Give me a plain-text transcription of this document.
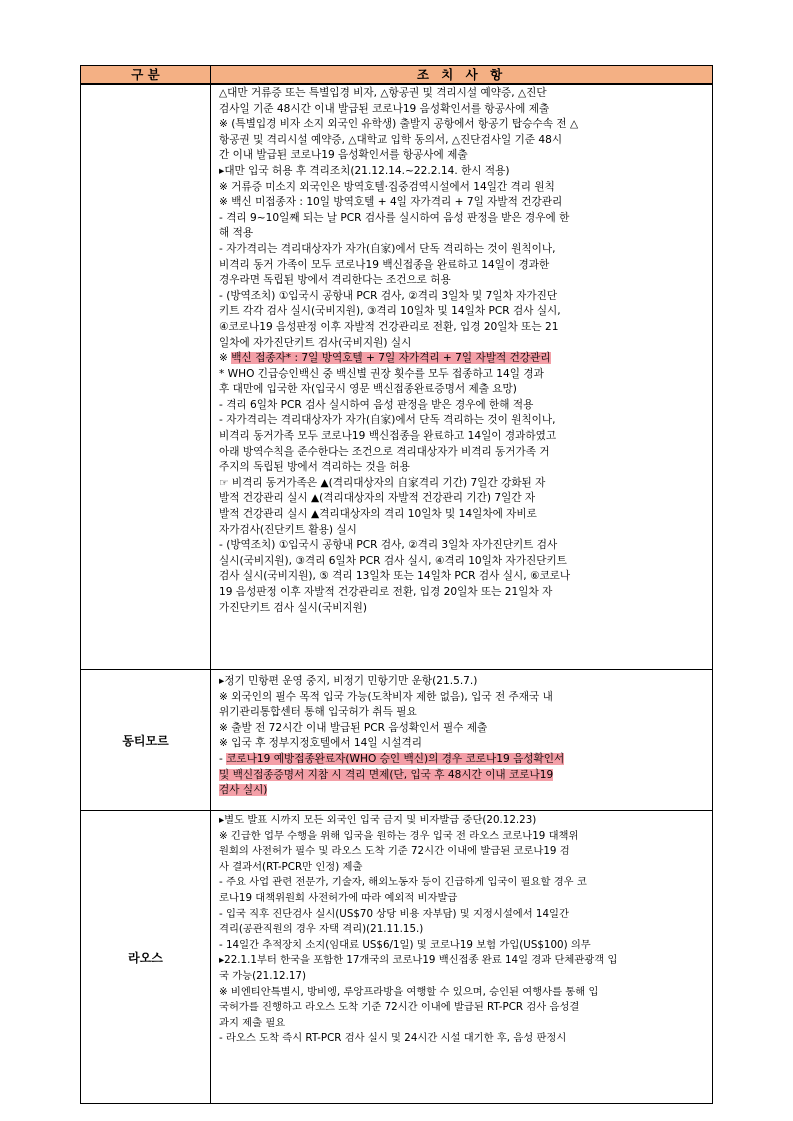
구 분	조 치 사 항
△대만 거류증 또는 특별입경 비자, △항공권 및 격리시설 예약증, △진단
검사일 기준 48시간 이내 발급된 코로나19 음성확인서를 항공사에 제출
※ (특별입경 비자 소지 외국인 유학생) 출발지 공항에서 항공기 탑승수속 전 △
항공권 및 격리시설 예약증, △대학교 입학 동의서, △진단검사일 기준 48시
간 이내 발급된 코로나19 음성확인서를 항공사에 제출
▸대만 입국 허용 후 격리조치(21.12.14.~22.2.14. 한시 적용)
※ 거류증 미소지 외국인은 방역호텔·집중검역시설에서 14일간 격리 원칙
※ 백신 미접종자 : 10일 방역호텔 + 4일 자가격리 + 7일 자발적 건강관리
- 격리 9~10일째 되는 날 PCR 검사를 실시하여 음성 판정을 받은 경우에 한
해 적용
- 자가격리는 격리대상자가 자가(自家)에서 단독 격리하는 것이 원칙이나,
비격리 동거 가족이 모두 코로나19 백신접종을 완료하고 14일이 경과한
경우라면 독립된 방에서 격리한다는 조건으로 허용
- (방역조치) ①입국시 공항내 PCR 검사, ②격리 3일차 및 7일차 자가진단
키트 각각 검사 실시(국비지원), ③격리 10일차 및 14일차 PCR 검사 실시,
④코로나19 음성판정 이후 자발적 건강관리로 전환, 입경 20일차 또는 21
일차에 자가진단키트 검사(국비지원) 실시
※ 백신 접종자* : 7일 방역호텔 + 7일 자가격리 + 7일 자발적 건강관리
* WHO 긴급승인백신 중 백신별 권장 횟수를 모두 접종하고 14일 경과
후 대만에 입국한 자(입국시 영문 백신접종완료증명서 제출 요망)
- 격리 6일차 PCR 검사 실시하여 음성 판정을 받은 경우에 한해 적용
- 자가격리는 격리대상자가 자가(自家)에서 단독 격리하는 것이 원칙이나,
비격리 동거가족 모두 코로나19 백신접종을 완료하고 14일이 경과하였고
아래 방역수칙을 준수한다는 조건으로 격리대상자가 비격리 동거가족 거
주지의 독립된 방에서 격리하는 것을 허용
☞ 비격리 동거가족은 ▲(격리대상자의 自家격리 기간) 7일간 강화된 자
발적 건강관리 실시 ▲(격리대상자의 자발적 건강관리 기간) 7일간 자
발적 건강관리 실시 ▲격리대상자의 격리 10일차 및 14일차에 자비로
자가검사(진단키트 활용) 실시
- (방역조치) ①입국시 공항내 PCR 검사, ②격리 3일차 자가진단키트 검사
실시(국비지원), ③격리 6일차 PCR 검사 실시, ④격리 10일차 자가진단키트
검사 실시(국비지원), ⑤ 격리 13일차 또는 14일차 PCR 검사 실시, ⑥코로나
19 음성판정 이후 자발적 건강관리로 전환, 입경 20일차 또는 21일차 자
가진단키트 검사 실시(국비지원)
동티모르
▸정기 민항편 운영 중지, 비정기 민항기만 운항(21.5.7.)
※ 외국인의 필수 목적 입국 가능(도착비자 제한 없음), 입국 전 주재국 내
위기관리통합센터 통해 입국허가 취득 필요
※ 출발 전 72시간 이내 발급된 PCR 음성확인서 필수 제출
※ 입국 후 정부지정호텔에서 14일 시설격리
- 코로나19 예방접종완료자(WHO 승인 백신)의 경우 코로나19 음성확인서
및 백신접종증명서 지참 시 격리 면제(단, 입국 후 48시간 이내 코로나19
검사 실시)
라오스
▸별도 발표 시까지 모든 외국인 입국 금지 및 비자발급 중단(20.12.23)
※ 긴급한 업무 수행을 위해 입국을 원하는 경우 입국 전 라오스 코로나19 대책위
원회의 사전허가 필수 및 라오스 도착 기준 72시간 이내에 발급된 코로나19 검
사 결과서(RT-PCR만 인정) 제출
- 주요 사업 관련 전문가, 기술자, 해외노동자 등이 긴급하게 입국이 필요할 경우 코
로나19 대책위원회 사전허가에 따라 예외적 비자발급
- 입국 직후 진단검사 실시(US$70 상당 비용 자부담) 및 지정시설에서 14일간
격리(공관직원의 경우 자택 격리)(21.11.15.)
- 14일간 추적장치 소지(임대료 US$6/1일) 및 코로나19 보험 가입(US$100) 의무
▸22.1.1부터 한국을 포함한 17개국의 코로나19 백신접종 완료 14일 경과 단체관광객 입
국 가능(21.12.17)
※ 비엔티안특별시, 방비엥, 루앙프라방을 여행할 수 있으며, 승인된 여행사를 통해 입
국허가를 진행하고 라오스 도착 기준 72시간 이내에 발급된 RT-PCR 검사 음성결
과지 제출 필요
- 라오스 도착 즉시 RT-PCR 검사 실시 및 24시간 시설 대기한 후, 음성 판정시
